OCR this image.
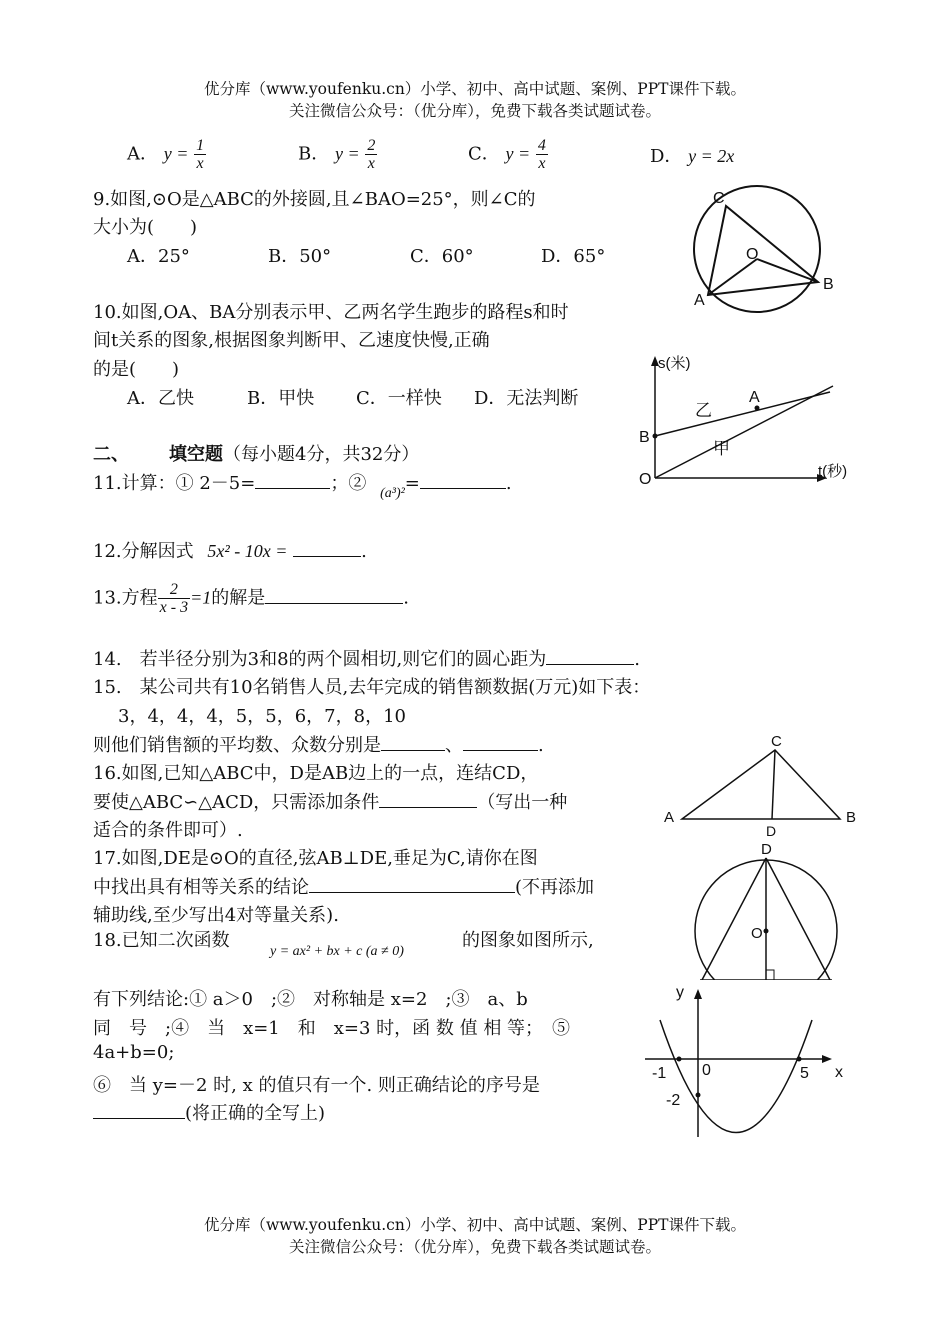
优分库（www.youfenku.cn）小学、初中、高中试题、案例、PPT课件下载。
关注微信公众号：（优分库），免费下载各类试题试卷。
A． $y = \frac{1}{x}$	B． $y = \frac{2}{x}$	C． $y = \frac{4}{x}$	D． y = 2x
9.如图,⊙O是△ABC的外接圆,且∠BAO=25°，则∠C的
大小为(　　)
A．25°	B．50°	C．60°	D．65°
C
O
A
B
10.如图,OA、BA分别表示甲、乙两名学生跑步的路程s和时
间t关系的图象,根据图象判断甲、乙速度快慢,正确
的是(　　)
A．乙快	B．甲快 C．一样快 D．无法判断
s(米)
t(秒)
O
B
A
乙
甲
二、 填空题（每小题4分，共32分）
11.计算：① 2－5=	；② $_{(a^3)^2}$=	.
12.分解因式 5x² - 10x =	.
13.方程 $\frac{2}{x - 3} =1$的解是	.
14.　若半径分别为3和8的两个圆相切,则它们的圆心距为	.
15.　某公司共有10名销售人员,去年完成的销售额数据(万元)如下表：
3，4，4，4，5，5，6，7，8，10
则他们销售额的平均数、众数分别是	、	.
16.如图,已知△ABC中，D是AB边上的一点，连结CD，
要使△ABC∽△ACD，只需添加条件	（写出一种
适合的条件即可）.
C
A	B
D
17.如图,DE是⊙O的直径,弦AB⊥DE,垂足为C,请你在图
中找出具有相等关系的结论	(不再添加
辅助线,至少写出4对等量关系).
D
O
18.已知二次函数
y = ax² + bx + c (a ≠ 0)
的图象如图所示,
有下列结论:① a＞0　;②　对称轴是 x=2　;③　a、b
同　号　;④　当　x=1　和　x=3 时，函 数 值 相 等；　⑤
4a+b=0;
⑥　当 y=－2 时, x 的值只有一个. 则正确结论的序号是
(将正确的全写上)
y
x
-1 0	5
-2
优分库（www.youfenku.cn）小学、初中、高中试题、案例、PPT课件下载。
关注微信公众号：（优分库），免费下载各类试题试卷。
